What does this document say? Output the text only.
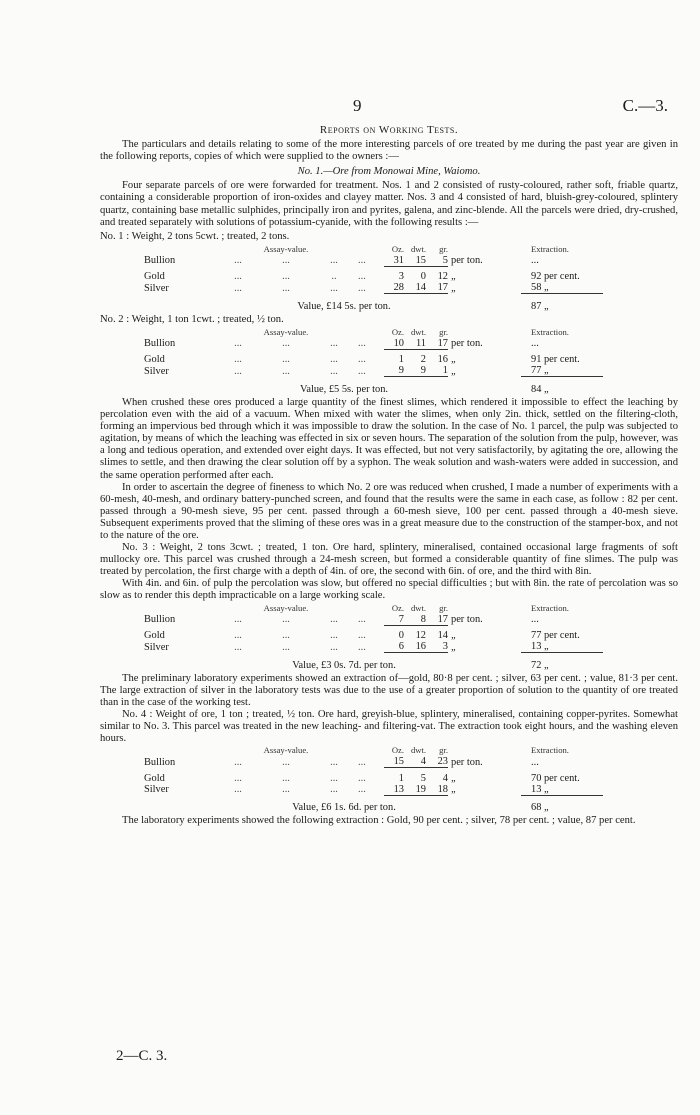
9	C.—3.
Reports on Working Tests.

The particulars and details relating to some of the more interesting parcels of ore treated by me during the past year are given in the following reports, copies of which were supplied to the owners :—

No. 1.—Ore from Monowai Mine, Waiomo.

Four separate parcels of ore were forwarded for treatment. Nos. 1 and 2 consisted of rusty-coloured, rather soft, friable quartz, containing a considerable proportion of iron-oxides and clayey matter. Nos. 3 and 4 consisted of hard, bluish-grey-coloured, splintery quartz, containing base metallic sulphides, principally iron and pyrites, galena, and zinc-blende. All the parcels were dried, dry-crushed, and treated separately with solutions of potassium-cyanide, with the following results :—

No. 1 : Weight, 2 tons 5cwt. ; treated, 2 tons.
	Assay-value.				Oz.	dwt.	gr.		Extraction.
Bullion	...	...	...	...	31	15	5	per ton.	...

Gold	...	...	..	...	3	0	12	„	92 per cent.
Silver	...	...	...	...	28	14	17	„	58 „

		Value, £14 5s. per ton.							87 „
No. 2 : Weight, 1 ton 1cwt. ; treated, ½ ton.
	Assay-value.				Oz.	dwt.	gr.		Extraction.
Bullion	...	...	...	...	10	11	17	per ton.	...

Gold	...	...	...	...	1	2	16	„	91 per cent.
Silver	...	...	...	...	9	9	1	„	77 „

		Value, £5 5s. per ton.							84 „

When crushed these ores produced a large quantity of the finest slimes, which rendered it impossible to effect the leaching by percolation even with the aid of a vacuum. When mixed with water the slimes, when only 2in. thick, settled on the filtering-cloth, forming an impervious bed through which it was impossible to draw the solution. In the case of No. 1 parcel, the pulp was subjected to agitation, by means of which the leaching was effected in six or seven hours. The separation of the solution from the pulp, however, was a long and tedious operation, and extended over eight days. It was effected, but not very satisfactorily, by agitating the ore, allowing the slimes to settle, and then drawing the clear solution off by a syphon. The weak solution and wash-waters were added in succession, and the same operation performed after each.

In order to ascertain the degree of fineness to which No. 2 ore was reduced when crushed, I made a number of experiments with a 60-mesh, 40-mesh, and ordinary battery-punched screen, and found that the results were the same in each case, as follow : 82 per cent. passed through a 90-mesh sieve, 95 per cent. passed through a 60-mesh sieve, 100 per cent. passed through a 40-mesh sieve. Subsequent experiments proved that the sliming of these ores was in a great measure due to the construction of the stamper-box, and not to the nature of the ore.

No. 3 : Weight, 2 tons 3cwt. ; treated, 1 ton. Ore hard, splintery, mineralised, contained occasional large fragments of soft mullocky ore. This parcel was crushed through a 24-mesh screen, but formed a considerable quantity of fine slimes. The pulp was treated by percolation, the first charge with a depth of 4in. of ore, the second with 6in. of ore, and the third with 8in.

With 4in. and 6in. of pulp the percolation was slow, but offered no special difficulties ; but with 8in. the rate of percolation was so slow as to render this depth impracticable on a large working scale.

	Assay-value.				Oz.	dwt.	gr.		Extraction.
Bullion	...	...	...	...	7	8	17	per ton.	...

Gold	...	...	...	...	0	12	14	„	77 per cent.
Silver	...	...	...	...	6	16	3	„	13 „

		Value, £3 0s. 7d. per ton.							72 „

The preliminary laboratory experiments showed an extraction of—gold, 80·8 per cent. ; silver, 63 per cent. ; value, 81·3 per cent. The large extraction of silver in the laboratory tests was due to the use of a greater proportion of solution to the quantity of ore treated than in the case of the working test.

No. 4 : Weight of ore, 1 ton ; treated, ½ ton. Ore hard, greyish-blue, splintery, mineralised, containing copper-pyrites. Somewhat similar to No. 3. This parcel was treated in the new leaching- and filtering-vat. The extraction took eight hours, and the washing eleven hours.

	Assay-value.				Oz.	dwt.	gr.		Extraction.
Bullion	...	...	...	...	15	4	23	per ton.	...

Gold	...	...	...	...	1	5	4	„	70 per cent.
Silver	...	...	...	...	13	19	18	„	13 „

		Value, £6 1s. 6d. per ton.							68 „

The laboratory experiments showed the following extraction : Gold, 90 per cent. ; silver, 78 per cent. ; value, 87 per cent.

2—C. 3.
